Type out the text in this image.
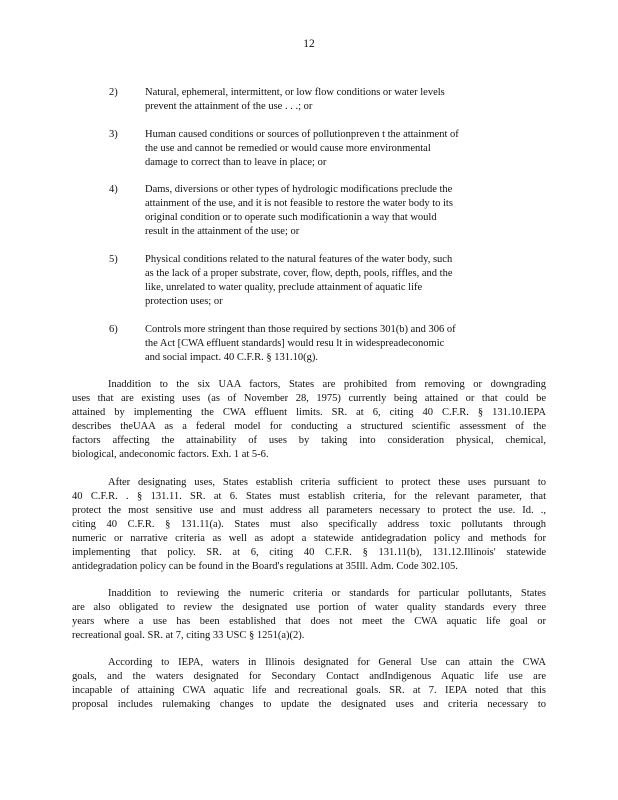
12
2)	Natural, ephemeral, intermittent, or low flow conditions or water levels
prevent the attainment of the use . . .; or
3)	Human caused conditions or sources of pollutionpreven t the attainment of
the use and cannot be remedied or would cause more environmental
damage to correct than to leave in place; or
4)	Dams, diversions or other types of hydrologic modifications preclude the
attainment of the use, and it is not feasible to restore the water body to its
original condition or to operate such modificationin a way that would
result in the attainment of the use; or
5)	Physical conditions related to the natural features of the water body, such
as the lack of a proper substrate, cover, flow, depth, pools, riffles, and the
like, unrelated to water quality, preclude attainment of aquatic life
protection uses; or
6)	Controls more stringent than those required by sections 301(b) and 306 of
the Act [CWA effluent standards] would resu lt in widespreadeconomic
and social impact. 40 C.F.R. § 131.10(g).
Inaddition to the six UAA factors, States are prohibited from removing or downgrading
uses that are existing uses (as of November 28, 1975) currently being attained or that could be
attained by implementing the CWA effluent limits. SR. at 6, citing 40 C.F.R. § 131.10.IEPA
describes theUAA as a federal model for conducting a structured scientific assessment of the
factors affecting the attainability of uses by taking into consideration physical, chemical,
biological, andeconomic factors. Exh. 1 at 5-6.
After designating uses, States establish criteria sufficient to protect these uses pursuant to
40 C.F.R. . § 131.11. SR. at 6. States must establish criteria, for the relevant parameter, that
protect the most sensitive use and must address all parameters necessary to protect the use. Id. .,
citing 40 C.F.R. § 131.11(a). States must also specifically address toxic pollutants through
numeric or narrative criteria as well as adopt a statewide antidegradation policy and methods for
implementing that policy. SR. at 6, citing 40 C.F.R. § 131.11(b), 131.12.Illinois' statewide
antidegradation policy can be found in the Board's regulations at 35Ill. Adm. Code 302.105.
Inaddition to reviewing the numeric criteria or standards for particular pollutants, States
are also obligated to review the designated use portion of water quality standards every three
years where a use has been established that does not meet the CWA aquatic life goal or
recreational goal. SR. at 7, citing 33 USC § 1251(a)(2).
According to IEPA, waters in Illinois designated for General Use can attain the CWA
goals, and the waters designated for Secondary Contact andIndigenous Aquatic life use are
incapable of attaining CWA aquatic life and recreational goals. SR. at 7. IEPA noted that this
proposal includes rulemaking changes to update the designated uses and criteria necessary to
